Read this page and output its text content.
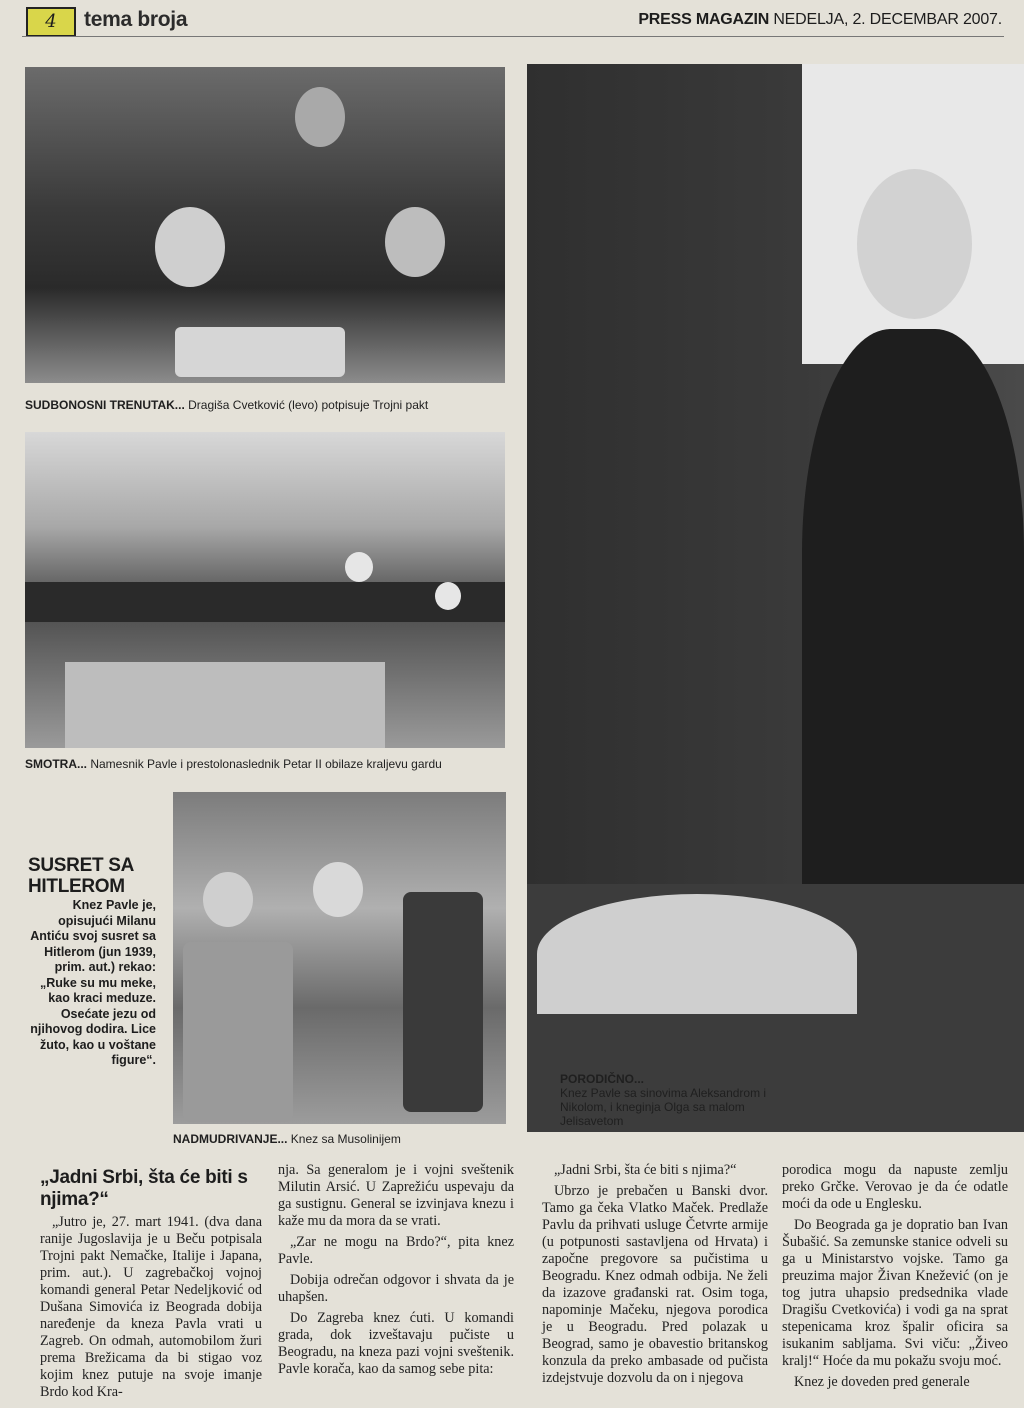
4	tema broja	PRESS MAGAZIN NEDELJA, 2. DECEMBAR 2007.
SUDBONOSNI TRENUTAK... Dragiša Cvetković (levo) potpisuje Trojni pakt
SMOTRA... Namesnik Pavle i prestolonaslednik Petar II obilaze kraljevu gardu
SUSRET SA HITLEROM
Knez Pavle je, opisujući Milanu Antiću svoj susret sa Hitlerom (jun 1939, prim. aut.) rekao: „Ruke su mu meke, kao kraci meduze. Osećate jezu od njihovog dodira. Lice žuto, kao u voštane figure“.
NADMUDRIVANJE... Knez sa Musolinijem
PORODIČNO...
Knez Pavle sa sinovima Aleksandrom i Nikolom, i kneginja Olga sa malom Jelisavetom
„Jadni Srbi, šta će biti s njima?“

„Jutro je, 27. mart 1941. (dva dana ranije Jugoslavija je u Beču potpisala Trojni pakt Nemačke, Italije i Japana, prim. aut.). U zagrebačkoj vojnoj komandi general Petar Nedeljković od Dušana Simovića iz Beograda dobija naređenje da kneza Pavla vrati u Zagreb. On odmah, automobilom žuri prema Brežicama da bi stigao voz kojim knez putuje na svoje imanje Brdo kod Kra-

nja. Sa generalom je i vojni sveštenik Milutin Arsić. U Zaprežiću uspevaju da ga sustignu. General se izvinjava knezu i kaže mu da mora da se vrati.

„Zar ne mogu na Brdo?“, pita knez Pavle.

Dobija odrečan odgovor i shvata da je uhapšen.

Do Zagreba knez ćuti. U komandi grada, dok izveštavaju pučiste u Beogradu, na kneza pazi vojni sveštenik. Pavle korača, kao da samog sebe pita:

„Jadni Srbi, šta će biti s njima?“

Ubrzo je prebačen u Banski dvor. Tamo ga čeka Vlatko Maček. Predlaže Pavlu da prihvati usluge Četvrte armije (u potpunosti sastavljena od Hrvata) i započne pregovore sa pučistima u Beogradu. Knez odmah odbija. Ne želi da izazove građanski rat. Osim toga, napominje Mačeku, njegova porodica je u Beogradu. Pred polazak u Beograd, samo je obavestio britanskog konzula da preko ambasade od pučista izdejstvuje dozvolu da on i njegova

porodica mogu da napuste zemlju preko Grčke. Verovao je da će odatle moći da ode u Englesku.

Do Beograda ga je dopratio ban Ivan Šubašić. Sa zemunske stanice odveli su ga u Ministarstvo vojske. Tamo ga preuzima major Živan Knežević (on je tog jutra uhapsio predsednika vlade Dragišu Cvetkovića) i vodi ga na sprat stepenicama kroz špalir oficira sa isukanim sabljama. Svi viču: „Živeo kralj!“ Hoće da mu pokažu svoju moć.

Knez je doveden pred generale
